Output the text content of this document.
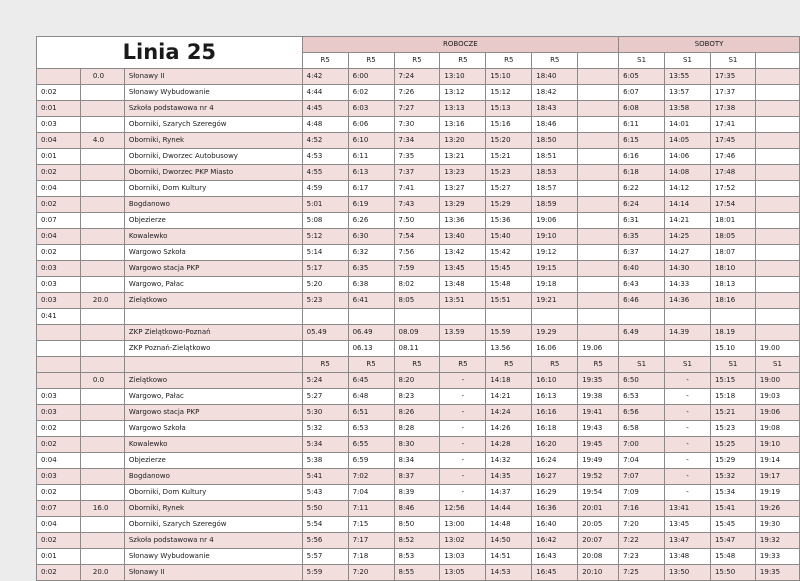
Linia 25			ROBOCZE							SOBOTY			
			R5	R5	R5	R5	R5	R5		S1	S1	S1	
	0.0	Słonawy II	4:42	6:00	7:24	13:10	15:10	18:40		6:05	13:55	17:35	
0:02		Słonawy Wybudowanie	4:44	6:02	7:26	13:12	15:12	18:42		6:07	13:57	17:37	
0:01		Szkoła podstawowa nr 4	4:45	6:03	7:27	13:13	15:13	18:43		6:08	13:58	17:38	
0:03		Oborniki, Szarych Szeregów	4:48	6:06	7:30	13:16	15:16	18:46		6:11	14:01	17:41	
0:04	4.0	Oborniki, Rynek	4:52	6:10	7:34	13:20	15:20	18:50		6:15	14:05	17:45	
0:01		Oborniki, Dworzec Autobusowy	4:53	6:11	7:35	13:21	15:21	18:51		6:16	14:06	17:46	
0:02		Oborniki, Dworzec PKP Miasto	4:55	6:13	7:37	13:23	15:23	18:53		6:18	14:08	17:48	
0:04		Oborniki, Dom Kultury	4:59	6:17	7:41	13:27	15:27	18:57		6:22	14:12	17:52	
0:02		Bogdanowo	5:01	6:19	7:43	13:29	15:29	18:59		6:24	14:14	17:54	
0:07		Objezierze	5:08	6:26	7:50	13:36	15:36	19:06		6:31	14:21	18:01	
0:04		Kowalewko	5:12	6:30	7:54	13:40	15:40	19:10		6:35	14:25	18:05	
0:02		Wargowo Szkoła	5:14	6:32	7:56	13:42	15:42	19:12		6:37	14:27	18:07	
0:03		Wargowo stacja PKP	5:17	6:35	7:59	13:45	15:45	19:15		6:40	14:30	18:10	
0:03		Wargowo, Pałac	5:20	6:38	8:02	13:48	15:48	19:18		6:43	14:33	18:13	
0:03	20.0	Zielątkowo	5:23	6:41	8:05	13:51	15:51	19:21		6:46	14:36	18:16	
0:41													
		ZKP Zielątkowo-Poznań	05.49	06.49	08.09	13.59	15.59	19.29		6.49	14.39	18.19	
		ZKP Poznań-Zielątkowo		06.13	08.11		13.56	16.06	19.06			15.10	19.00
			R5	R5	R5	R5	R5	R5	R5	S1	S1	S1	S1
	0.0	Zielątkowo	5:24	6:45	8:20	-	14:18	16:10	19:35	6:50	-	15:15	19:00
0:03		Wargowo, Pałac	5:27	6:48	8:23	-	14:21	16:13	19:38	6:53	-	15:18	19:03
0:03		Wargowo stacja PKP	5:30	6:51	8:26	-	14:24	16:16	19:41	6:56	-	15:21	19:06
0:02		Wargowo Szkoła	5:32	6:53	8:28	-	14:26	16:18	19:43	6:58	-	15:23	19:08
0:02		Kowalewko	5:34	6:55	8:30	-	14:28	16:20	19:45	7:00	-	15:25	19:10
0:04		Objezierze	5:38	6:59	8:34	-	14:32	16:24	19:49	7:04	-	15:29	19:14
0:03		Bogdanowo	5:41	7:02	8:37	-	14:35	16:27	19:52	7:07	-	15:32	19:17
0:02		Oborniki, Dom Kultury	5:43	7:04	8:39	-	14:37	16:29	19:54	7:09	-	15:34	19:19
0:07	16.0	Oborniki, Rynek	5:50	7:11	8:46	12:56	14:44	16:36	20:01	7:16	13:41	15:41	19:26
0:04		Oborniki, Szarych Szeregów	5:54	7:15	8:50	13:00	14:48	16:40	20:05	7:20	13:45	15:45	19:30
0:02		Szkoła podstawowa nr 4	5:56	7:17	8:52	13:02	14:50	16:42	20:07	7:22	13:47	15:47	19:32
0:01		Słonawy Wybudowanie	5:57	7:18	8:53	13:03	14:51	16:43	20:08	7:23	13:48	15:48	19:33
0:02	20.0	Słonawy II	5:59	7:20	8:55	13:05	14:53	16:45	20:10	7:25	13:50	15:50	19:35
